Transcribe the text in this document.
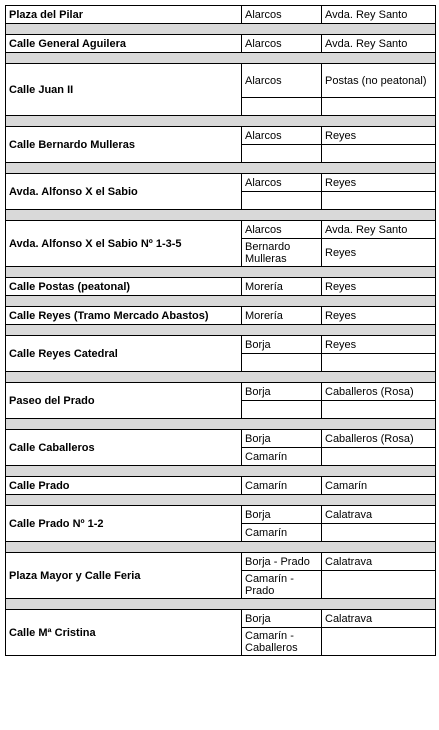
Plaza del Pilar	Alarcos	Avda. Rey Santo

Calle General Aguilera	Alarcos	Avda. Rey Santo

Calle Juan II	Alarcos	Postas (no peatonal)

Calle Bernardo Mulleras	Alarcos	Reyes

Avda. Alfonso X el Sabio	Alarcos	Reyes

Avda. Alfonso X el Sabio Nº 1-3-5	Alarcos	Avda. Rey Santo
	Bernardo Mulleras	Reyes

Calle Postas (peatonal)	Morería	Reyes

Calle Reyes (Tramo Mercado Abastos)	Morería	Reyes

Calle Reyes Catedral	Borja	Reyes

Paseo del Prado	Borja	Caballeros (Rosa)

Calle Caballeros	Borja	Caballeros (Rosa)
	Camarín	

Calle Prado	Camarín	Camarín

Calle Prado Nº 1-2	Borja	Calatrava
	Camarín	

Plaza Mayor y Calle Feria	Borja - Prado	Calatrava
	Camarín - Prado	

Calle Mª Cristina	Borja	Calatrava
	Camarín - Caballeros	
